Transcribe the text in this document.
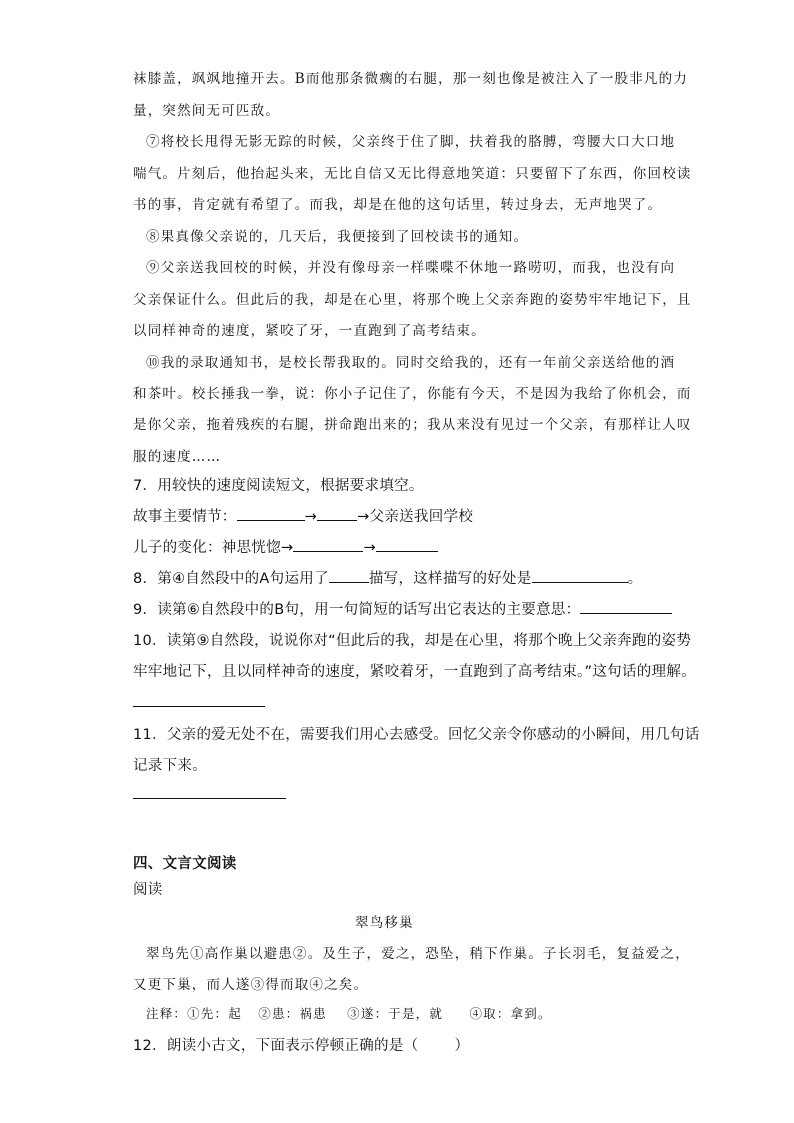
袜膝盖，飒飒地撞开去。B而他那条微瘸的右腿，那一刻也像是被注入了一股非凡的力
量，突然间无可匹敌。
⑦将校长甩得无影无踪的时候，父亲终于住了脚，扶着我的胳膊，弯腰大口大口地
喘气。片刻后，他抬起头来，无比自信又无比得意地笑道：只要留下了东西，你回校读
书的事，肯定就有希望了。而我，却是在他的这句话里，转过身去，无声地哭了。
⑧果真像父亲说的，几天后，我便接到了回校读书的通知。
⑨父亲送我回校的时候，并没有像母亲一样喋喋不休地一路唠叨，而我，也没有向
父亲保证什么。但此后的我，却是在心里，将那个晚上父亲奔跑的姿势牢牢地记下，且
以同样神奇的速度，紧咬了牙，一直跑到了高考结束。
⑩我的录取通知书，是校长帮我取的。同时交给我的，还有一年前父亲送给他的酒
和茶叶。校长捶我一拳，说：你小子记住了，你能有今天，不是因为我给了你机会，而
是你父亲，拖着残疾的右腿，拼命跑出来的；我从来没有见过一个父亲，有那样让人叹
服的速度……
7．用较快的速度阅读短文，根据要求填空。
故事主要情节：	→	→父亲送我回学校
儿子的变化：神思恍惚→	→
8．第④自然段中的A句运用了	描写，这样描写的好处是	。
9．读第⑥自然段中的B句，用一句简短的话写出它表达的主要意思：
10．读第⑨自然段，说说你对“但此后的我，却是在心里，将那个晚上父亲奔跑的姿势
牢牢地记下，且以同样神奇的速度，紧咬着牙，一直跑到了高考结束。”这句话的理解。
11．父亲的爱无处不在，需要我们用心去感受。回忆父亲令你感动的小瞬间，用几句话
记录下来。
四、文言文阅读
阅读
翠鸟移巢
翠鸟先①高作巢以避患②。及生子，爱之，恐坠，稍下作巢。子长羽毛，复益爱之，
又更下巢，而人遂③得而取④之矣。
注释：①先：起 ②患：祸患 ③遂：于是，就 ④取：拿到。
12．朗读小古文，下面表示停顿正确的是（ ）
